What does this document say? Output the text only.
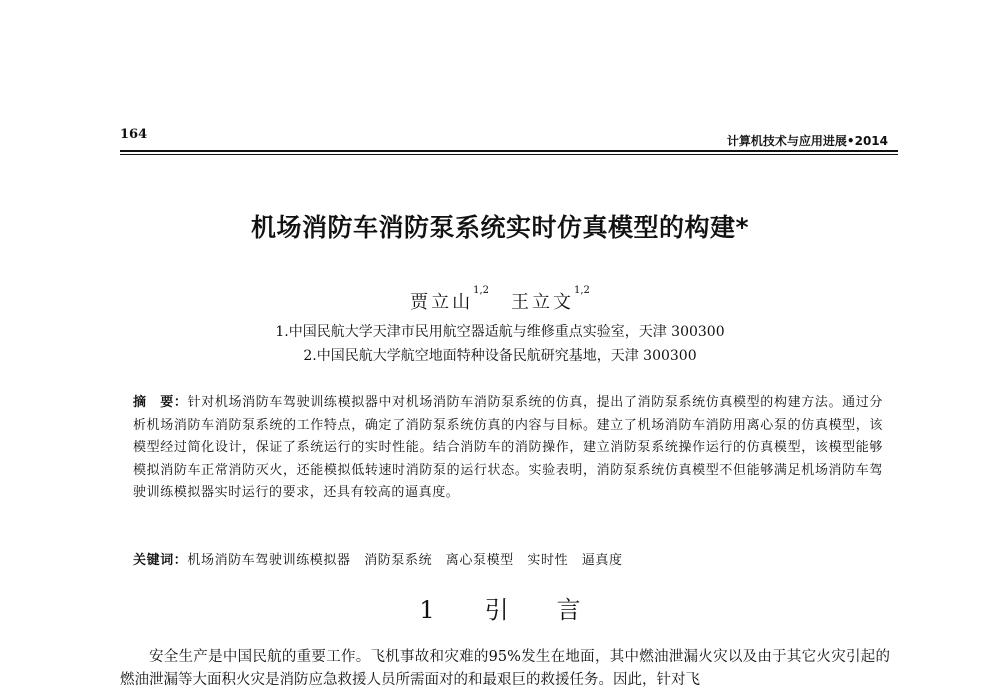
164	计算机技术与应用进展•2014
机场消防车消防泵系统实时仿真模型的构建*
贾立山$^{1,2}$王立文$^{1,2}$
1.中国民航大学天津市民用航空器适航与维修重点实验室，天津 300300
2.中国民航大学航空地面特种设备民航研究基地，天津 300300
摘　要：针对机场消防车驾驶训练模拟器中对机场消防车消防泵系统的仿真，提出了消防泵系统仿真模型的构建方法。通过分析机场消防车消防泵系统的工作特点，确定了消防泵系统仿真的内容与目标。建立了机场消防车消防用离心泵的仿真模型，该模型经过简化设计，保证了系统运行的实时性能。结合消防车的消防操作，建立消防泵系统操作运行的仿真模型，该模型能够模拟消防车正常消防灭火，还能模拟低转速时消防泵的运行状态。实验表明，消防泵系统仿真模型不但能够满足机场消防车驾驶训练模拟器实时运行的要求，还具有较高的逼真度。
关键词：机场消防车驾驶训练模拟器　消防泵系统　离心泵模型　实时性　逼真度
1 引　　言
安全生产是中国民航的重要工作。飞机事故和灾难的95%发生在地面，其中燃油泄漏火灾以及由于其它火灾引起的燃油泄漏等大面积火灾是消防应急救援人员所需面对的和最艰巨的救援任务。因此，针对飞
